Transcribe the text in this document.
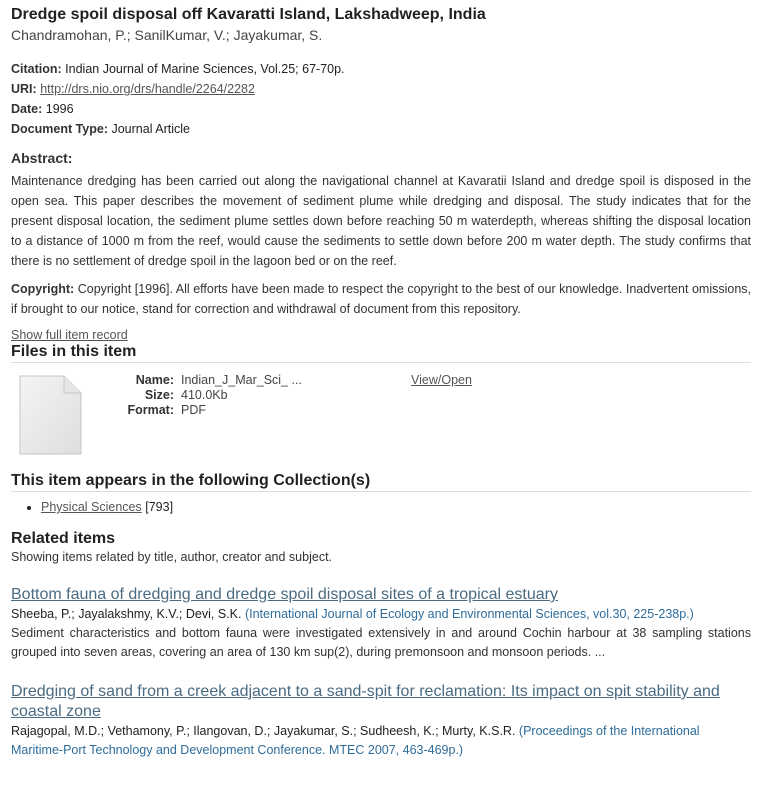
Dredge spoil disposal off Kavaratti Island, Lakshadweep, India
Chandramohan, P.; SanilKumar, V.; Jayakumar, S.
Citation: Indian Journal of Marine Sciences, Vol.25; 67-70p.
URI: http://drs.nio.org/drs/handle/2264/2282
Date: 1996
Document Type: Journal Article
Abstract:
Maintenance dredging has been carried out along the navigational channel at Kavaratii Island and dredge spoil is disposed in the open sea. This paper describes the movement of sediment plume while dredging and disposal. The study indicates that for the present disposal location, the sediment plume settles down before reaching 50 m waterdepth, whereas shifting the disposal location to a distance of 1000 m from the reef, would cause the sediments to settle down before 200 m water depth. The study confirms that there is no settlement of dredge spoil in the lagoon bed or on the reef.
Copyright: Copyright [1996]. All efforts have been made to respect the copyright to the best of our knowledge. Inadvertent omissions, if brought to our notice, stand for correction and withdrawal of document from this repository.
Show full item record
Files in this item
Name: Indian_J_Mar_Sci_ ...
Size: 410.0Kb
Format: PDF
View/Open
This item appears in the following Collection(s)
• Physical Sciences [793]
Related items
Showing items related by title, author, creator and subject.
Bottom fauna of dredging and dredge spoil disposal sites of a tropical estuary
Sheeba, P.; Jayalakshmy, K.V.; Devi, S.K. (International Journal of Ecology and Environmental Sciences, vol.30, 225-238p.)
Sediment characteristics and bottom fauna were investigated extensively in and around Cochin harbour at 38 sampling stations grouped into seven areas, covering an area of 130 km sup(2), during premonsoon and monsoon periods. ...
Dredging of sand from a creek adjacent to a sand-spit for reclamation: Its impact on spit stability and coastal zone
Rajagopal, M.D.; Vethamony, P.; Ilangovan, D.; Jayakumar, S.; Sudheesh, K.; Murty, K.S.R. (Proceedings of the International Maritime-Port Technology and Development Conference. MTEC 2007, 463-469p.)
